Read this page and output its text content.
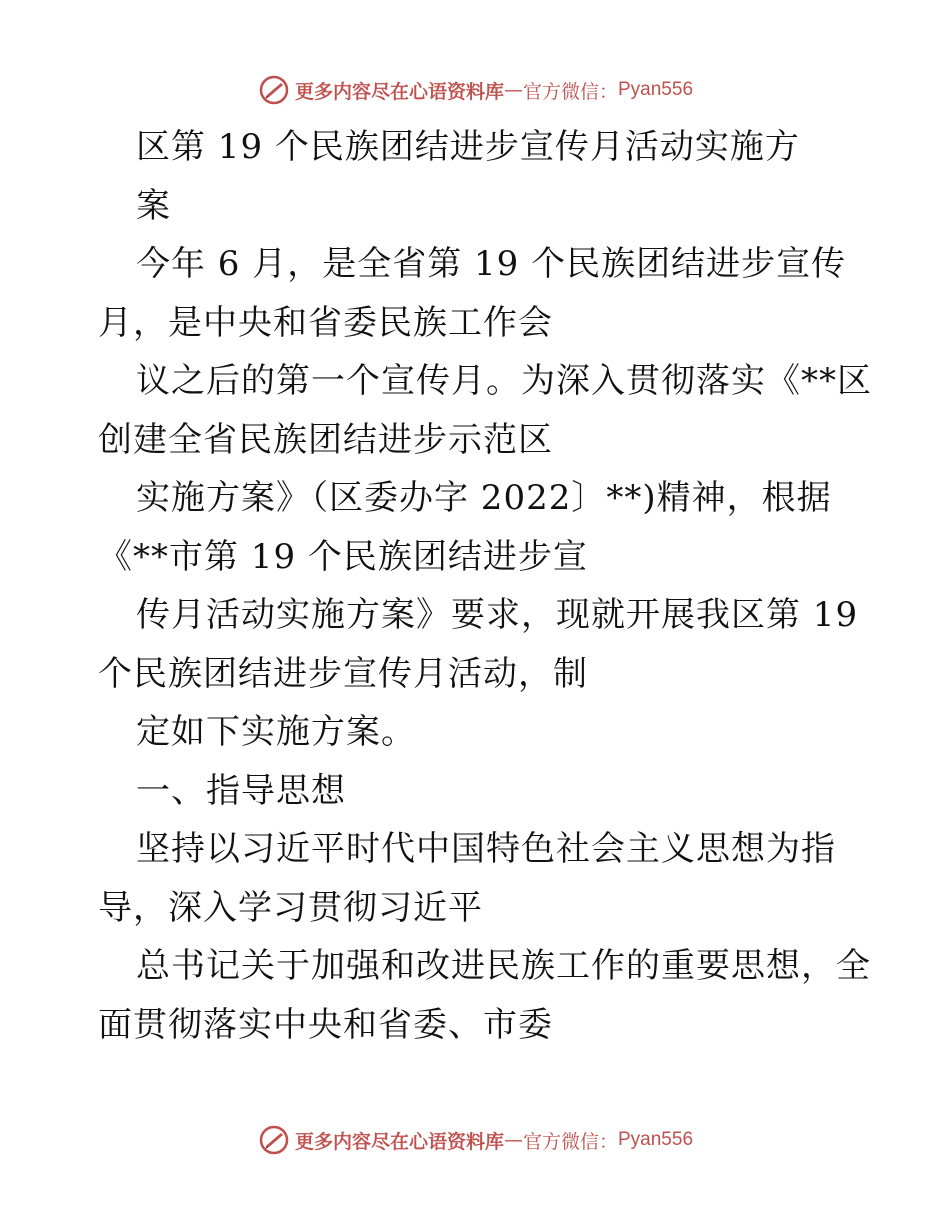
更多内容尽在心语资料库 — 官方微信： Pyan556
区第 19 个民族团结进步宣传月活动实施方
案
今年 6 月，是全省第 19 个民族团结进步宣传
月，是中央和省委民族工作会
议之后的第一个宣传月。为深入贯彻落实《**区
创建全省民族团结进步示范区
实施方案》（区委办字 2022〕**)精神，根据
《**市第 19 个民族团结进步宣
传月活动实施方案》要求，现就开展我区第 19
个民族团结进步宣传月活动，制
定如下实施方案。
一、指导思想
坚持以习近平时代中国特色社会主义思想为指
导，深入学习贯彻习近平
总书记关于加强和改进民族工作的重要思想，全
面贯彻落实中央和省委、市委
更多内容尽在心语资料库 — 官方微信： Pyan556
